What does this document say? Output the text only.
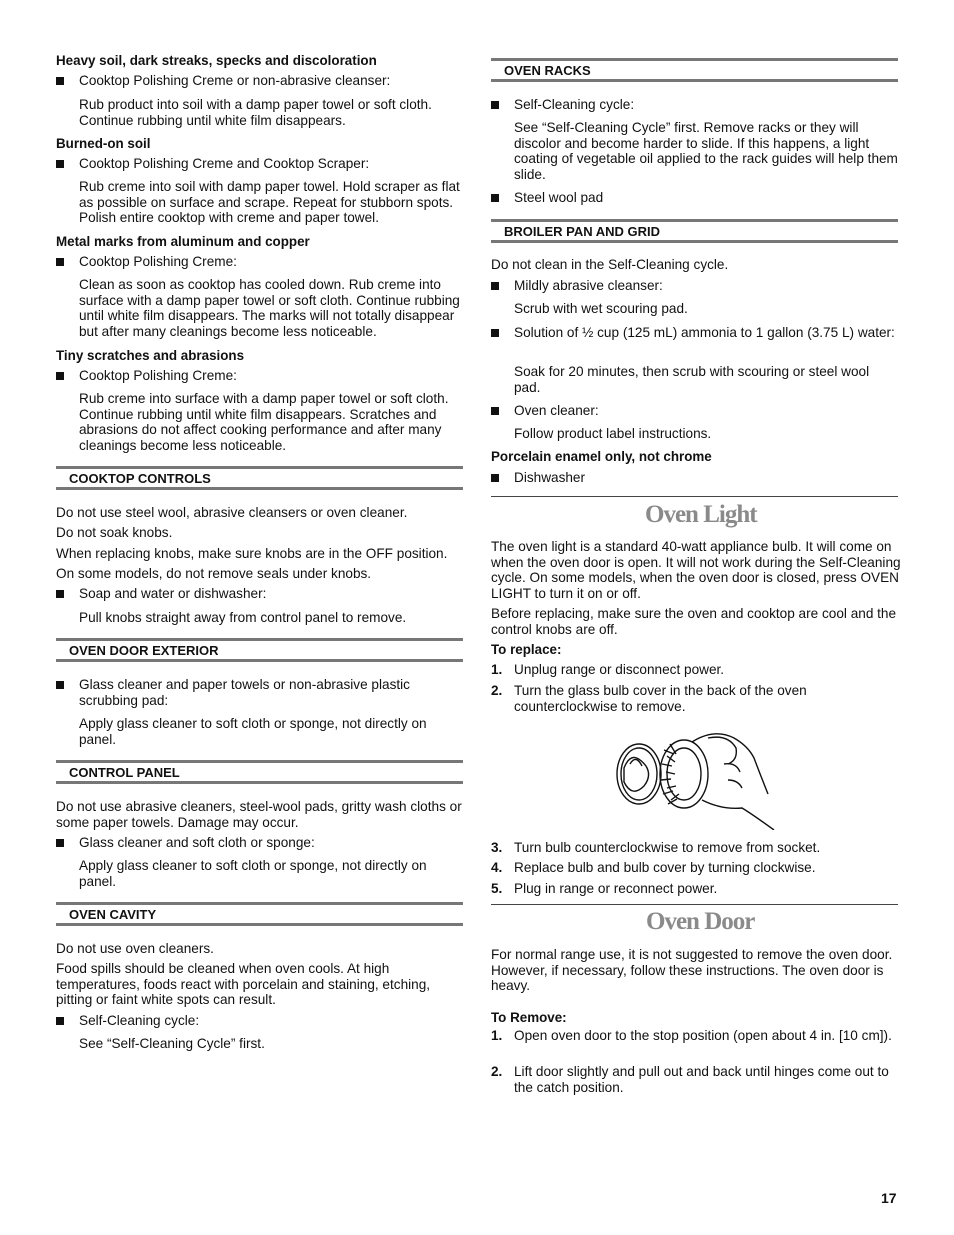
Heavy soil, dark streaks, specks and discoloration
Cooktop Polishing Creme or non-abrasive cleanser:

Rub product into soil with a damp paper towel or soft cloth. Continue rubbing until white film disappears.

Burned-on soil
Cooktop Polishing Creme and Cooktop Scraper:

Rub creme into soil with damp paper towel. Hold scraper as flat as possible on surface and scrape. Repeat for stubborn spots. Polish entire cooktop with creme and paper towel.

Metal marks from aluminum and copper
Cooktop Polishing Creme:

Clean as soon as cooktop has cooled down. Rub creme into surface with a damp paper towel or soft cloth. Continue rubbing until white film disappears. The marks will not totally disappear but after many cleanings become less noticeable.

Tiny scratches and abrasions
Cooktop Polishing Creme:

Rub creme into surface with a damp paper towel or soft cloth. Continue rubbing until white film disappears. Scratches and abrasions do not affect cooking performance and after many cleanings become less noticeable.

COOKTOP CONTROLS

Do not use steel wool, abrasive cleansers or oven cleaner.

Do not soak knobs.

When replacing knobs, make sure knobs are in the OFF position.

On some models, do not remove seals under knobs.

Soap and water or dishwasher:

Pull knobs straight away from control panel to remove.

OVEN DOOR EXTERIOR
Glass cleaner and paper towels or non-abrasive plastic scrubbing pad:

Apply glass cleaner to soft cloth or sponge, not directly on panel.

CONTROL PANEL

Do not use abrasive cleaners, steel-wool pads, gritty wash cloths or some paper towels. Damage may occur.

Glass cleaner and soft cloth or sponge:

Apply glass cleaner to soft cloth or sponge, not directly on panel.

OVEN CAVITY

Do not use oven cleaners.

Food spills should be cleaned when oven cools. At high temperatures, foods react with porcelain and staining, etching, pitting or faint white spots can result.

Self-Cleaning cycle:

See “Self-Cleaning Cycle” first.

OVEN RACKS
Self-Cleaning cycle:

See “Self-Cleaning Cycle” first. Remove racks or they will discolor and become harder to slide. If this happens, a light coating of vegetable oil applied to the rack guides will help them slide.

Steel wool pad
BROILER PAN AND GRID

Do not clean in the Self-Cleaning cycle.

Mildly abrasive cleanser:

Scrub with wet scouring pad.

Solution of ½ cup (125 mL) ammonia to 1 gallon (3.75 L) water:

Soak for 20 minutes, then scrub with scouring or steel wool pad.

Oven cleaner:

Follow product label instructions.

Porcelain enamel only, not chrome
Dishwasher
Oven Light

The oven light is a standard 40-watt appliance bulb. It will come on when the oven door is open. It will not work during the Self-Cleaning cycle. On some models, when the oven door is closed, press OVEN LIGHT to turn it on or off.

Before replacing, make sure the oven and cooktop are cool and the control knobs are off.

To replace:
1. Unplug range or disconnect power.

2. Turn the glass bulb cover in the back of the oven counterclockwise to remove.

3. Turn bulb counterclockwise to remove from socket.

4. Replace bulb and bulb cover by turning clockwise.

5. Plug in range or reconnect power.

Oven Door

For normal range use, it is not suggested to remove the oven door. However, if necessary, follow these instructions. The oven door is heavy.

To Remove:
1. Open oven door to the stop position (open about 4 in. [10 cm]).

2. Lift door slightly and pull out and back until hinges come out to the catch position.

17
